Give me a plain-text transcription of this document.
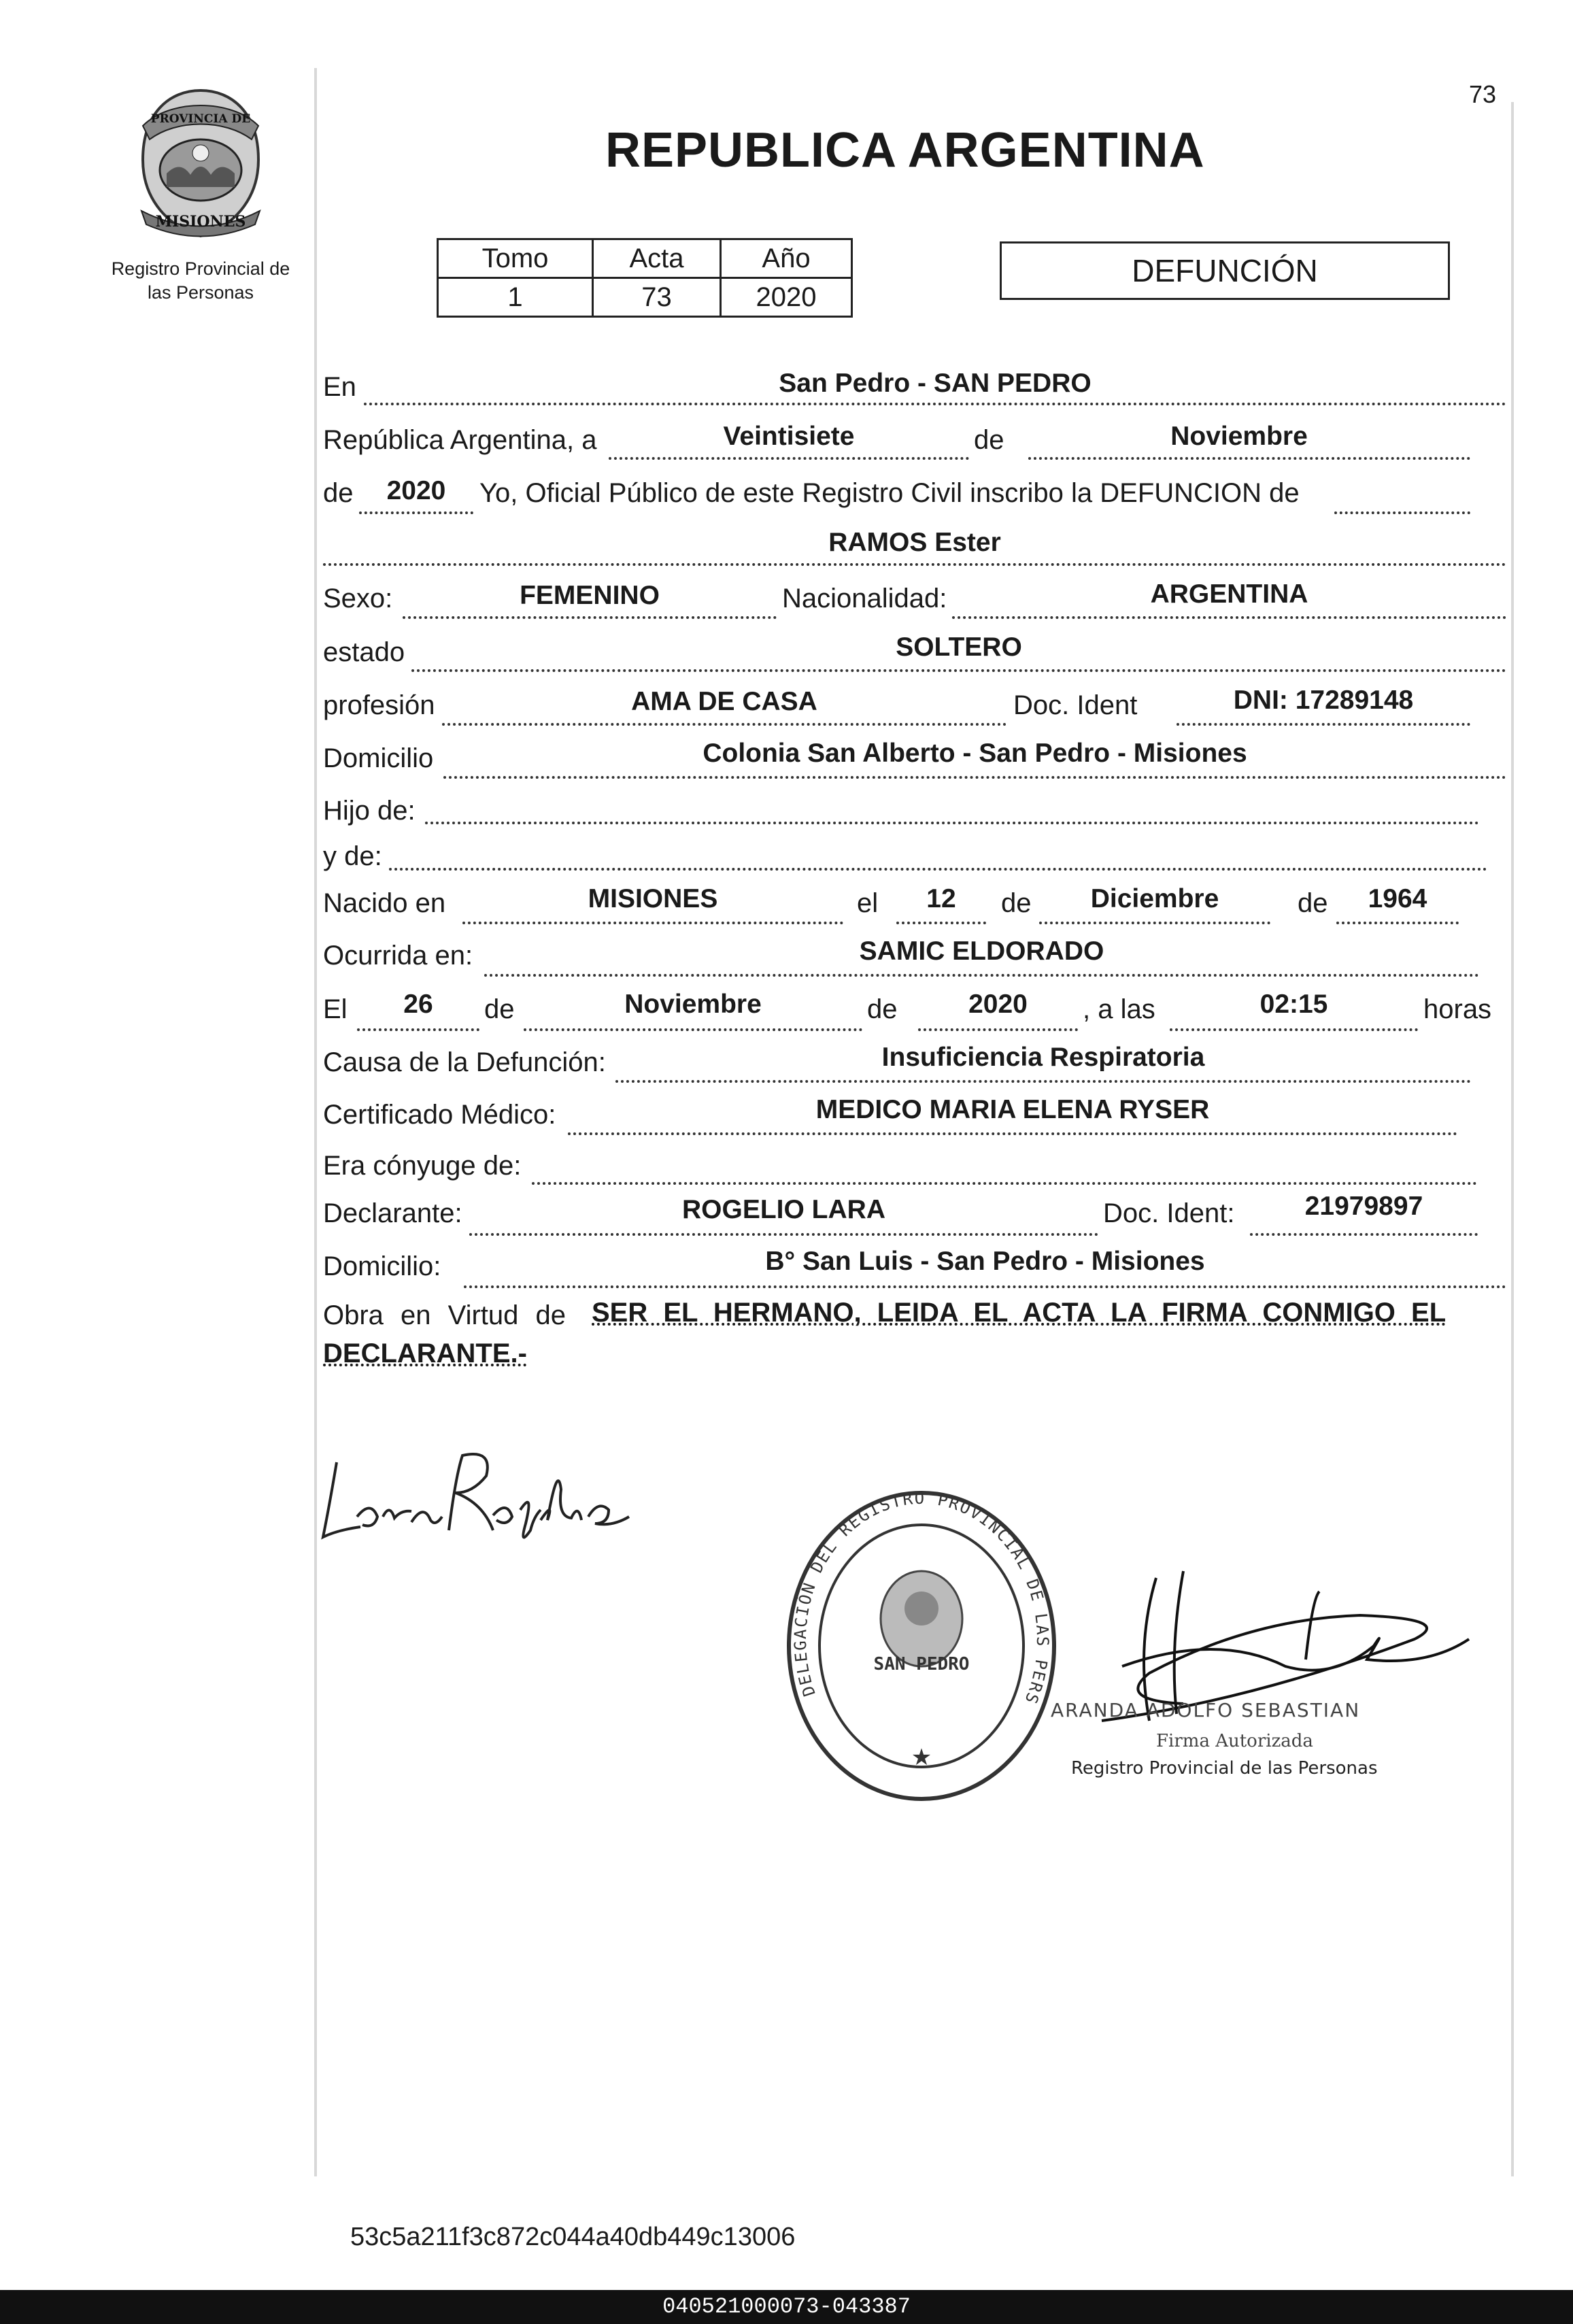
73
PROVINCIA DE
MISIONES
Registro Provincial de
las Personas
REPUBLICA ARGENTINA
Tomo	Acta	Año
1	73	2020
DEFUNCIÓN
En	San Pedro - SAN PEDRO
República Argentina, a	Veintisiete	de	Noviembre
de	2020	Yo, Oficial Público de este Registro Civil inscribo la DEFUNCION de
RAMOS Ester
Sexo:	FEMENINO	Nacionalidad:	ARGENTINA
estado	SOLTERO
profesión	AMA DE CASA	Doc. Ident	DNI: 17289148
Domicilio	Colonia San Alberto - San Pedro - Misiones
Hijo de:
y de:
Nacido en	MISIONES	el	12	de	Diciembre	de	1964
Ocurrida en:	SAMIC ELDORADO
El	26	de	Noviembre	de	2020	, a las	02:15	horas
Causa de la Defunción:	Insuficiencia Respiratoria
Certificado Médico:	MEDICO MARIA ELENA RYSER
Era cónyuge de:
Declarante:	ROGELIO LARA	Doc. Ident:	21979897
Domicilio:	B° San Luis - San Pedro - Misiones
Obra en Virtud de SER EL HERMANO, LEIDA EL ACTA LA FIRMA CONMIGO EL
DECLARANTE.-
SAN PEDRO
★
DELEGACIÓN DEL REGISTRO PROVINCIAL DE LAS PERS
ARANDA ADOLFO SEBASTIAN
Firma Autorizada
Registro Provincial de las Personas
53c5a211f3c872c044a40db449c13006
040521000073-043387
